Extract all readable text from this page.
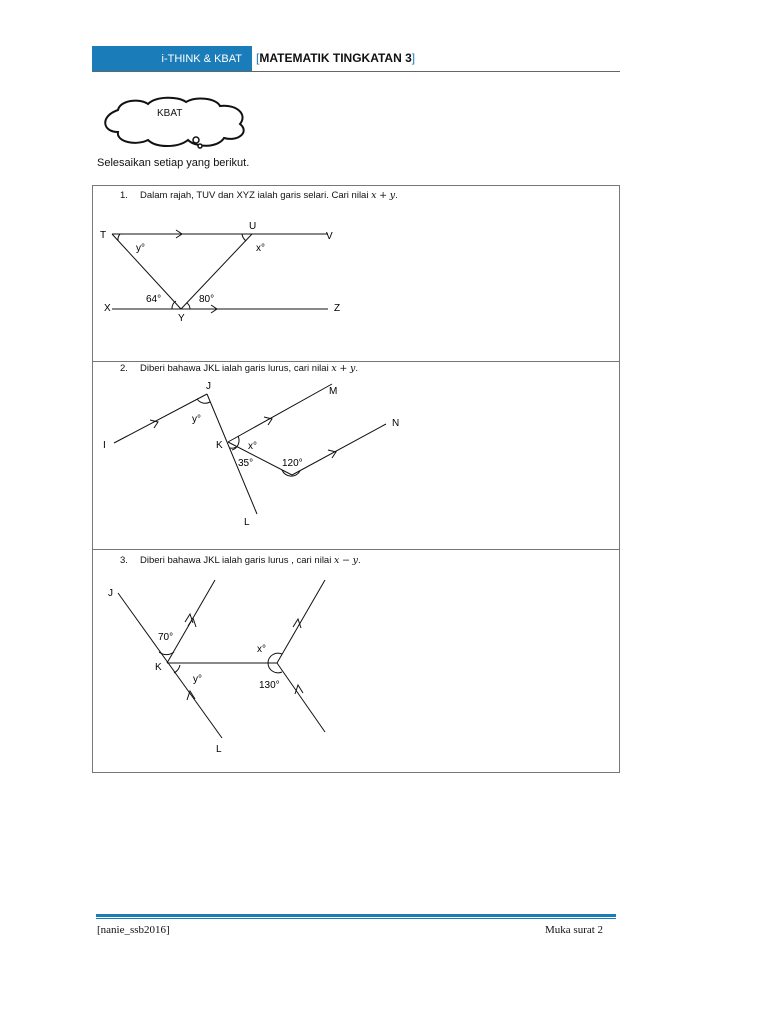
i-THINK & KBAT [MATEMATIK TINGKATAN 3]
KBAT
Selesaikan setiap yang berikut.
1. Dalam rajah, TUV dan XYZ ialah garis selari. Cari nilai x + y.
T
U
V
X
Y
Z
y°	x°
64°	80°
2. Diberi bahawa JKL ialah garis lurus, cari nilai x + y.
J
K
L
I
M
N
y°
x°
35°	120°
3. Diberi bahawa JKL ialah garis lurus , cari nilai x − y.
J
K
L
70°
y°
x°
130°
[nanie_ssb2016]	Muka surat 2
